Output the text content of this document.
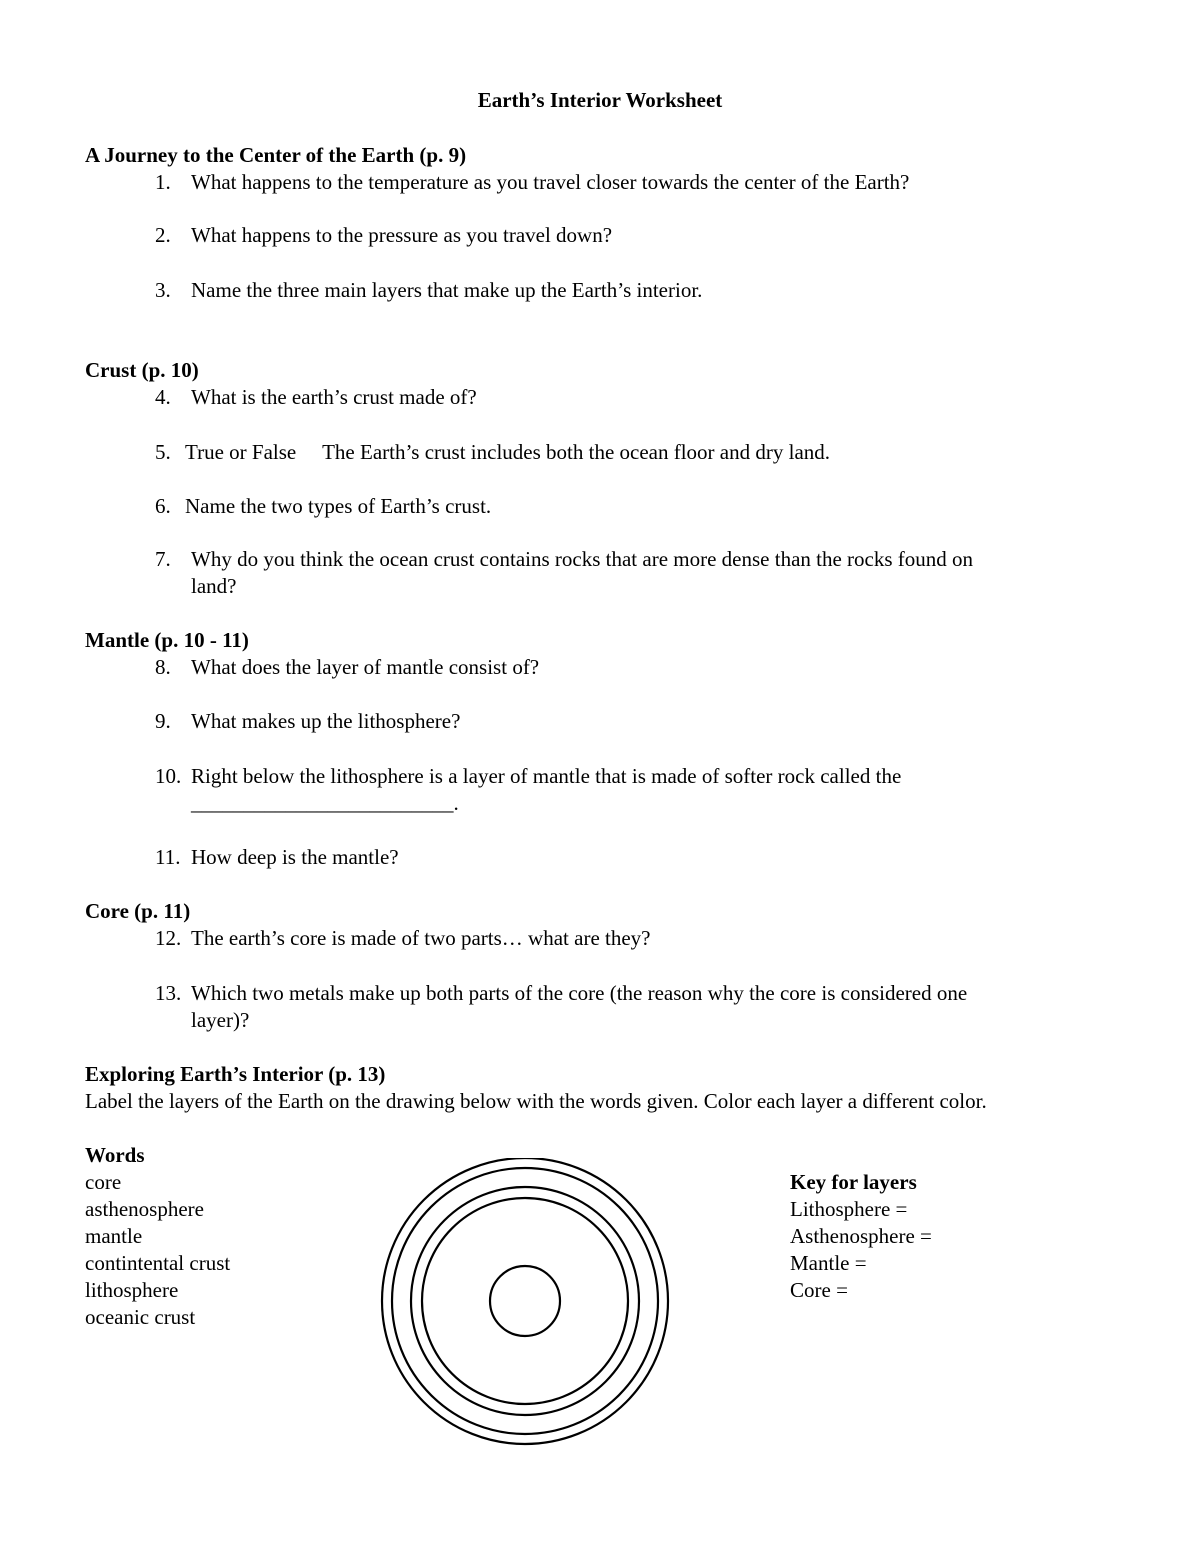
Earth’s Interior Worksheet
A Journey to the Center of the Earth (p. 9)
1. What happens to the temperature as you travel closer towards the center of the Earth?
2. What happens to the pressure as you travel down?
3. Name the three main layers that make up the Earth’s interior.
Crust (p. 10)
4. What is the earth’s crust made of?
5. True or False     The Earth’s crust includes both the ocean floor and dry land.
6. Name the two types of Earth’s crust.
7. Why do you think the ocean crust contains rocks that are more dense than the rocks found on
land?
Mantle (p. 10 - 11)
8. What does the layer of mantle consist of?
9. What makes up the lithosphere?
10. Right below the lithosphere is a layer of mantle that is made of softer rock called the
_________________________.
11. How deep is the mantle?
Core (p. 11)
12. The earth’s core is made of two parts… what are they?
13. Which two metals make up both parts of the core (the reason why the core is considered one
layer)?
Exploring Earth’s Interior (p. 13)
Label the layers of the Earth on the drawing below with the words given. Color each layer a different color.
Words
core
asthenosphere
mantle
contintental crust
lithosphere
oceanic crust
Key for layers
Lithosphere =
Asthenosphere =
Mantle =
Core =
